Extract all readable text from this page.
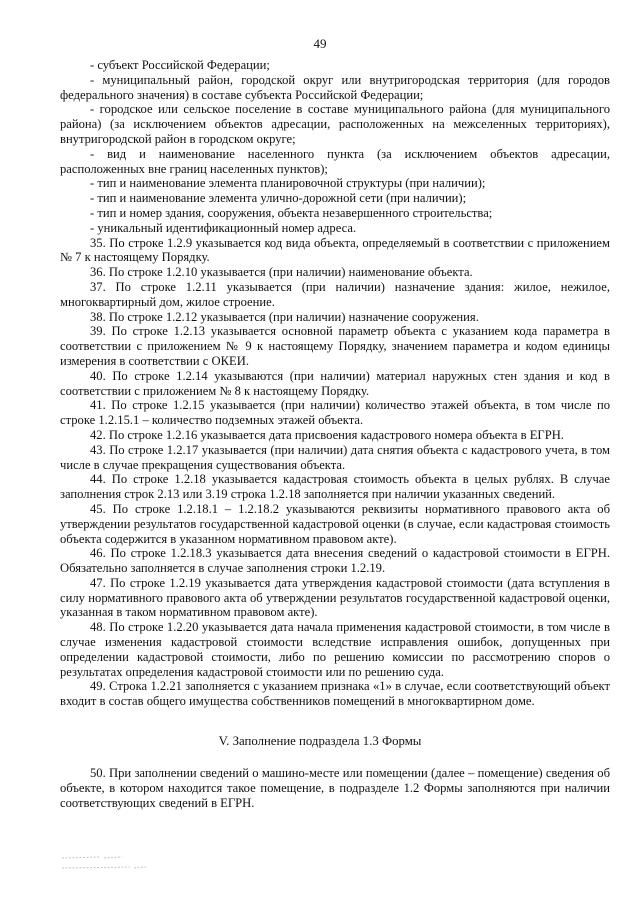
49

- субъект Российской Федерации;

- муниципальный район, городской округ или внутригородская территория (для городов федерального значения) в составе субъекта Российской Федерации;

- городское или сельское поселение в составе муниципального района (для муниципального района) (за исключением объектов адресации, расположенных на межселенных территориях), внутригородской район в городском округе;

- вид и наименование населенного пункта (за исключением объектов адресации, расположенных вне границ населенных пунктов);

- тип и наименование элемента планировочной структуры (при наличии);

- тип и наименование элемента улично-дорожной сети (при наличии);

- тип и номер здания, сооружения, объекта незавершенного строительства;

- уникальный идентификационный номер адреса.

35. По строке 1.2.9 указывается код вида объекта, определяемый в соответствии с приложением № 7 к настоящему Порядку.

36. По строке 1.2.10 указывается (при наличии) наименование объекта.

37. По строке 1.2.11 указывается (при наличии) назначение здания: жилое, нежилое, многоквартирный дом, жилое строение.

38. По строке 1.2.12 указывается (при наличии) назначение сооружения.

39. По строке 1.2.13 указывается основной параметр объекта с указанием кода параметра в соответствии с приложением № 9 к настоящему Порядку, значением параметра и кодом единицы измерения в соответствии с ОКЕИ.

40. По строке 1.2.14 указываются (при наличии) материал наружных стен здания и код в соответствии с приложением № 8 к настоящему Порядку.

41. По строке 1.2.15 указывается (при наличии) количество этажей объекта, в том числе по строке 1.2.15.1 – количество подземных этажей объекта.

42. По строке 1.2.16 указывается дата присвоения кадастрового номера объекта в ЕГРН.

43. По строке 1.2.17 указывается (при наличии) дата снятия объекта с кадастрового учета, в том числе в случае прекращения существования объекта.

44. По строке 1.2.18 указывается кадастровая стоимость объекта в целых рублях. В случае заполнения строк 2.13 или 3.19 строка 1.2.18 заполняется при наличии указанных сведений.

45. По строке 1.2.18.1 – 1.2.18.2 указываются реквизиты нормативного правового акта об утверждении результатов государственной кадастровой оценки (в случае, если кадастровая стоимость объекта содержится в указанном нормативном правовом акте).

46. По строке 1.2.18.3 указывается дата внесения сведений о кадастровой стоимости в ЕГРН. Обязательно заполняется в случае заполнения строки 1.2.19.

47. По строке 1.2.19 указывается дата утверждения кадастровой стоимости (дата вступления в силу нормативного правового акта об утверждении результатов государственной кадастровой оценки, указанная в таком нормативном правовом акте).

48. По строке 1.2.20 указывается дата начала применения кадастровой стоимости, в том числе в случае изменения кадастровой стоимости вследствие исправления ошибок, допущенных при определении кадастровой стоимости, либо по решению комиссии по рассмотрению споров о результатах определения кадастровой стоимости или по решению суда.

49. Строка 1.2.21 заполняется с указанием признака «1» в случае, если соответствующий объект входит в состав общего имущества собственников помещений в многоквартирном доме.

V. Заполнение подраздела 1.3 Формы

50. При заполнении сведений о машино-месте или помещении (далее – помещение) сведения об объекте, в котором находится такое помещение, в подразделе 1.2 Формы заполняются при наличии соответствующих сведений в ЕГРН.
